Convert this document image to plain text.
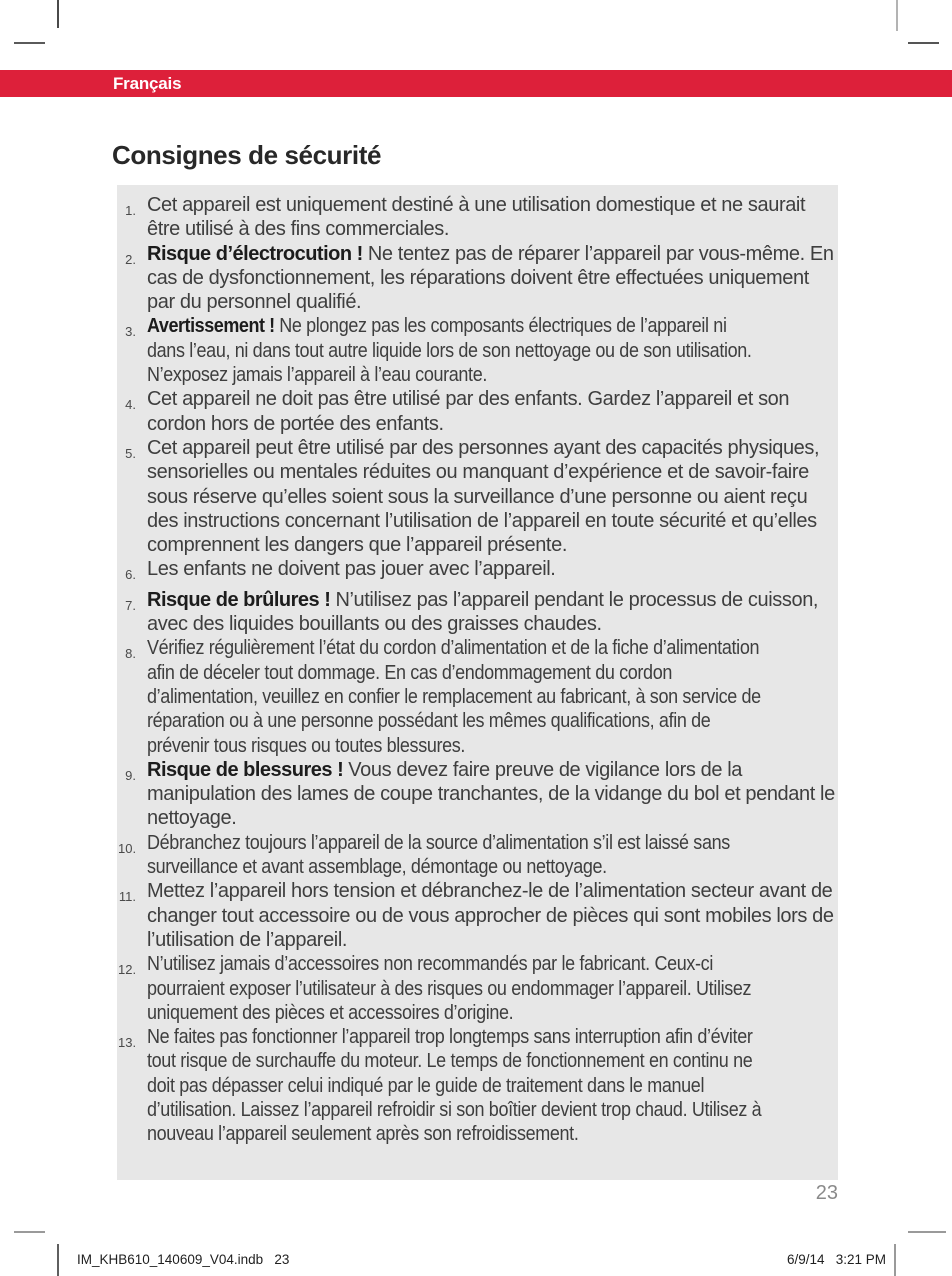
Français
Consignes de sécurité
1. Cet appareil est uniquement destiné à une utilisation domestique et ne saurait être utilisé à des fins commerciales.
2. Risque d’électrocution ! Ne tentez pas de réparer l’appareil par vous-même. En cas de dysfonctionnement, les réparations doivent être effectuées uniquement par du personnel qualifié.
3. Avertissement ! Ne plongez pas les composants électriques de l’appareil ni dans l’eau, ni dans tout autre liquide lors de son nettoyage ou de son utilisation. N’exposez jamais l’appareil à l’eau courante.
4. Cet appareil ne doit pas être utilisé par des enfants. Gardez l’appareil et son cordon hors de portée des enfants.
5. Cet appareil peut être utilisé par des personnes ayant des capacités physiques, sensorielles ou mentales réduites ou manquant d’expérience et de savoir-faire sous réserve qu’elles soient sous la surveillance d’une personne ou aient reçu des instructions concernant l’utilisation de l’appareil en toute sécurité et qu’elles comprennent les dangers que l’appareil présente.
6. Les enfants ne doivent pas jouer avec l’appareil.
7. Risque de brûlures ! N’utilisez pas l’appareil pendant le processus de cuisson, avec des liquides bouillants ou des graisses chaudes.
8. Vérifiez régulièrement l’état du cordon d’alimentation et de la fiche d’alimentation afin de déceler tout dommage. En cas d’endommagement du cordon d’alimentation, veuillez en confier le remplacement au fabricant, à son service de réparation ou à une personne possédant les mêmes qualifications, afin de prévenir tous risques ou toutes blessures.
9. Risque de blessures ! Vous devez faire preuve de vigilance lors de la manipulation des lames de coupe tranchantes, de la vidange du bol et pendant le nettoyage.
10. Débranchez toujours l’appareil de la source d’alimentation s’il est laissé sans surveillance et avant assemblage, démontage ou nettoyage.
11. Mettez l’appareil hors tension et débranchez-le de l’alimentation secteur avant de changer tout accessoire ou de vous approcher de pièces qui sont mobiles lors de l’utilisation de l’appareil.
12. N’utilisez jamais d’accessoires non recommandés par le fabricant. Ceux-ci pourraient exposer l’utilisateur à des risques ou endommager l’appareil. Utilisez uniquement des pièces et accessoires d’origine.
13. Ne faites pas fonctionner l’appareil trop longtemps sans interruption afin d’éviter tout risque de surchauffe du moteur. Le temps de fonctionnement en continu ne doit pas dépasser celui indiqué par le guide de traitement dans le manuel d’utilisation. Laissez l’appareil refroidir si son boîtier devient trop chaud. Utilisez à nouveau l’appareil seulement après son refroidissement.
23
IM_KHB610_140609_V04.indb   23	6/9/14   3:21 PM
